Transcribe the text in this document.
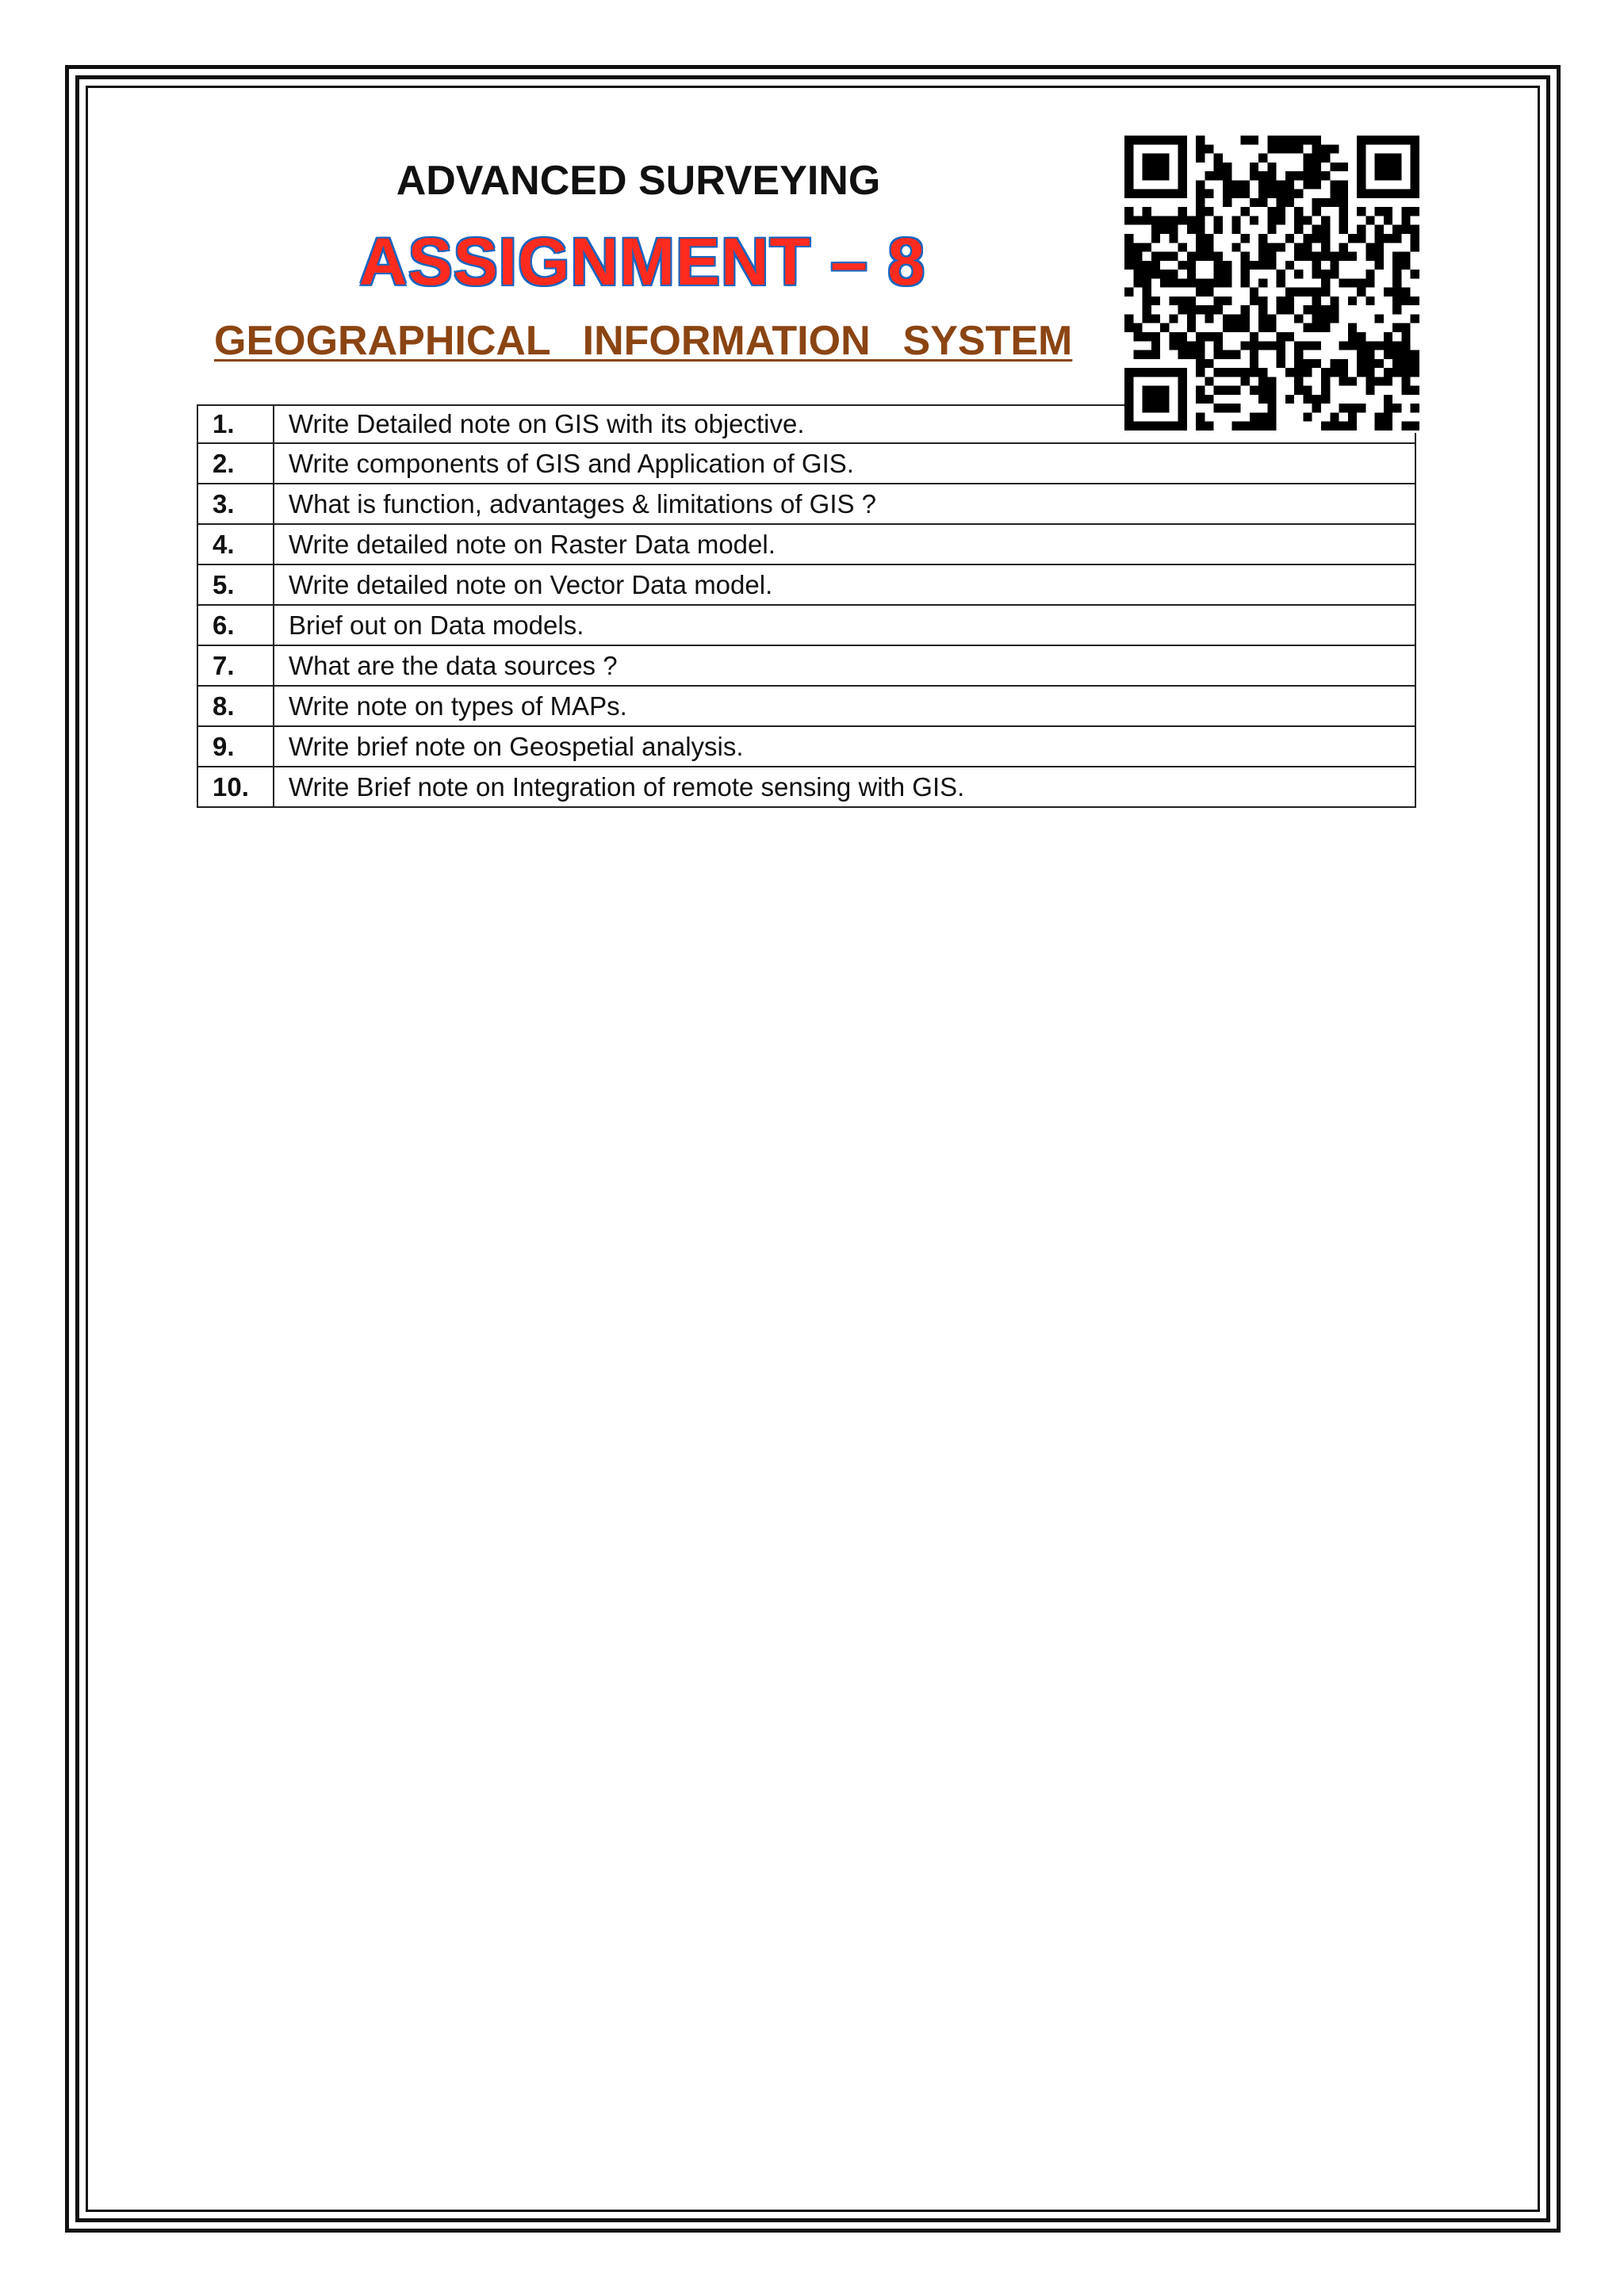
ADVANCED SURVEYING
ASSIGNMENT – 8
GEOGRAPHICAL  INFORMATION  SYSTEM
1.	Write Detailed note on GIS with its objective.
2.	Write components of GIS and Application of GIS.
3.	What is function, advantages & limitations of GIS ?
4.	Write detailed note on Raster Data model.
5.	Write detailed note on Vector Data model.
6.	Brief out on Data models.
7.	What are the data sources ?
8.	Write note on types of MAPs.
9.	Write brief note on Geospetial analysis.
10.	Write Brief note on Integration of remote sensing with GIS.
